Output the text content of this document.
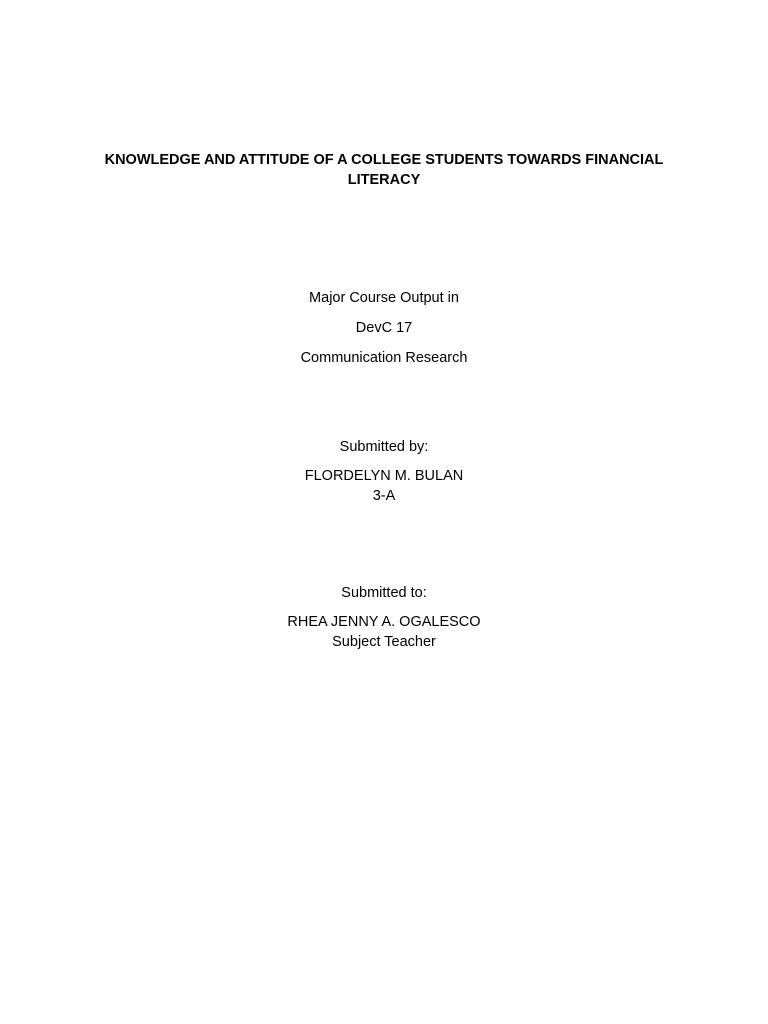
KNOWLEDGE AND ATTITUDE OF A COLLEGE STUDENTS TOWARDS FINANCIAL
LITERACY

Major Course Output in

DevC 17

Communication Research

Submitted by:

FLORDELYN M. BULAN

3-A

Submitted to:

RHEA JENNY A. OGALESCO

Subject Teacher
